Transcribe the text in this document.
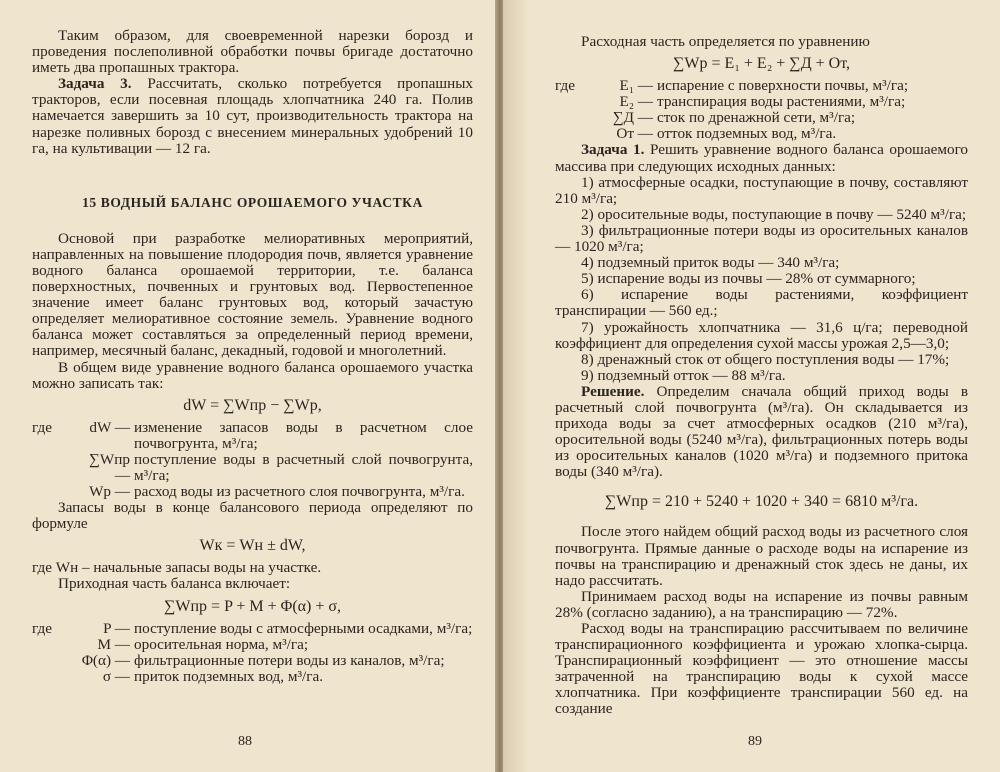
Таким образом, для своевременной нарезки борозд и проведения послеполивной обработки почвы бригаде достаточно иметь два пропашных трактора.

Задача 3. Рассчитать, сколько потребуется пропашных тракторов, если посевная площадь хлопчатника 240 га. Полив намечается завершить за 10 сут, производительность трактора на нарезке поливных борозд с внесением минеральных удобрений 10 га, на культивации — 12 га.

15 ВОДНЫЙ БАЛАНС ОРОШАЕМОГО УЧАСТКА

Основой при разработке мелиоративных мероприятий, направленных на повышение плодородия почв, является уравнение водного баланса орошаемой территории, т.е. баланса поверхностных, почвенных и грунтовых вод. Первостепенное значение имеет баланс грунтовых вод, который зачастую определяет мелиоративное состояние земель. Уравнение водного баланса может составляться за определенный период времени, например, месячный баланс, декадный, годовой и многолетний.

В общем виде уравнение водного баланса орошаемого участка можно записать так:

dW = ∑Wпр − ∑Wр,
где	dW — изменение запасов воды в расчетном слое почвогрунта, м³/га;
∑Wпр —
поступление воды в расчетный слой почвогрунта, м³/га;
Wр — расход воды из расчетного слоя почвогрунта, м³/га.

Запасы воды в конце балансового периода определяют по формуле

Wк = Wн ± dW,

где Wн – начальные запасы воды на участке.

Приходная часть баланса включает:

∑Wпр = P + M + Φ(α) + σ,
где	P — поступление воды с атмосферными осадками, м³/га;
M — оросительная норма, м³/га;
Φ(α) — фильтрационные потери воды из каналов, м³/га;
σ — приток подземных вод, м³/га.
88

Расходная часть определяется по уравнению

∑Wр = E₁ + E₂ + ∑Д + Oт,
где	E₁ — испарение с поверхности почвы, м³/га;
E₂ — транспирация воды растениями, м³/га;
∑Д — сток по дренажной сети, м³/га;
Oт — отток подземных вод, м³/га.

Задача 1. Решить уравнение водного баланса орошаемого массива при следующих исходных данных:

1) атмосферные осадки, поступающие в почву, составляют 210 м³/га;

2) оросительные воды, поступающие в почву — 5240 м³/га;

3) фильтрационные потери воды из оросительных каналов — 1020 м³/га;

4) подземный приток воды — 340 м³/га;

5) испарение воды из почвы — 28% от суммарного;

6) испарение воды растениями, коэффициент транспирации — 560 ед.;

7) урожайность хлопчатника — 31,6 ц/га; переводной коэффициент для определения сухой массы урожая 2,5—3,0;

8) дренажный сток от общего поступления воды — 17%;

9) подземный отток — 88 м³/га.

Решение. Определим сначала общий приход воды в расчетный слой почвогрунта (м³/га). Он складывается из прихода воды за счет атмосферных осадков (210 м³/га), оросительной воды (5240 м³/га), фильтрационных потерь воды из оросительных каналов (1020 м³/га) и подземного притока воды (340 м³/га).

∑Wпр = 210 + 5240 + 1020 + 340 = 6810 м³/га.

После этого найдем общий расход воды из расчетного слоя почвогрунта. Прямые данные о расходе воды на испарение из почвы на транспирацию и дренажный сток здесь не даны, их надо рассчитать.

Принимаем расход воды на испарение из почвы равным 28% (согласно заданию), а на транспирацию — 72%.

Расход воды на транспирацию рассчитываем по величине транспирационного коэффициента и урожаю хлопка-сырца. Транспирационный коэффициент — это отношение массы затраченной на транспирацию воды к сухой массе хлопчатника. При коэффициенте транспирации 560 ед. на создание

89
